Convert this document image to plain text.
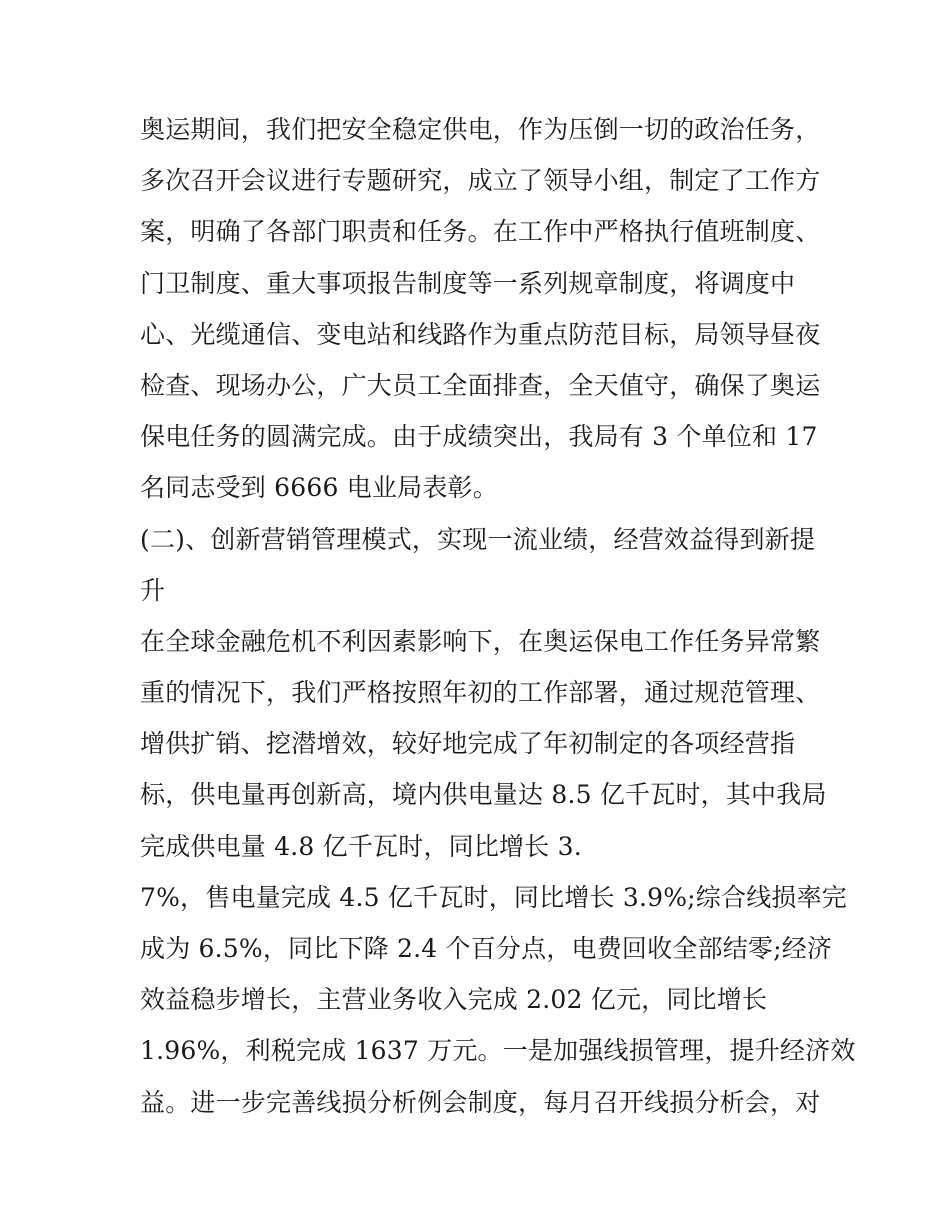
奥运期间，我们把安全稳定供电，作为压倒一切的政治任务，
多次召开会议进行专题研究，成立了领导小组，制定了工作方
案，明确了各部门职责和任务。在工作中严格执行值班制度、
门卫制度、重大事项报告制度等一系列规章制度，将调度中
心、光缆通信、变电站和线路作为重点防范目标，局领导昼夜
检查、现场办公，广大员工全面排查，全天值守，确保了奥运
保电任务的圆满完成。由于成绩突出，我局有 3 个单位和 17
名同志受到 6666 电业局表彰。
(二)、创新营销管理模式，实现一流业绩，经营效益得到新提
升
在全球金融危机不利因素影响下，在奥运保电工作任务异常繁
重的情况下，我们严格按照年初的工作部署，通过规范管理、
增供扩销、挖潜增效，较好地完成了年初制定的各项经营指
标，供电量再创新高，境内供电量达 8.5 亿千瓦时，其中我局
完成供电量 4.8 亿千瓦时，同比增长 3.
7%，售电量完成 4.5 亿千瓦时，同比增长 3.9%;综合线损率完
成为 6.5%，同比下降 2.4 个百分点，电费回收全部结零;经济
效益稳步增长，主营业务收入完成 2.02 亿元，同比增长
1.96%，利税完成 1637 万元。一是加强线损管理，提升经济效
益。进一步完善线损分析例会制度，每月召开线损分析会，对
